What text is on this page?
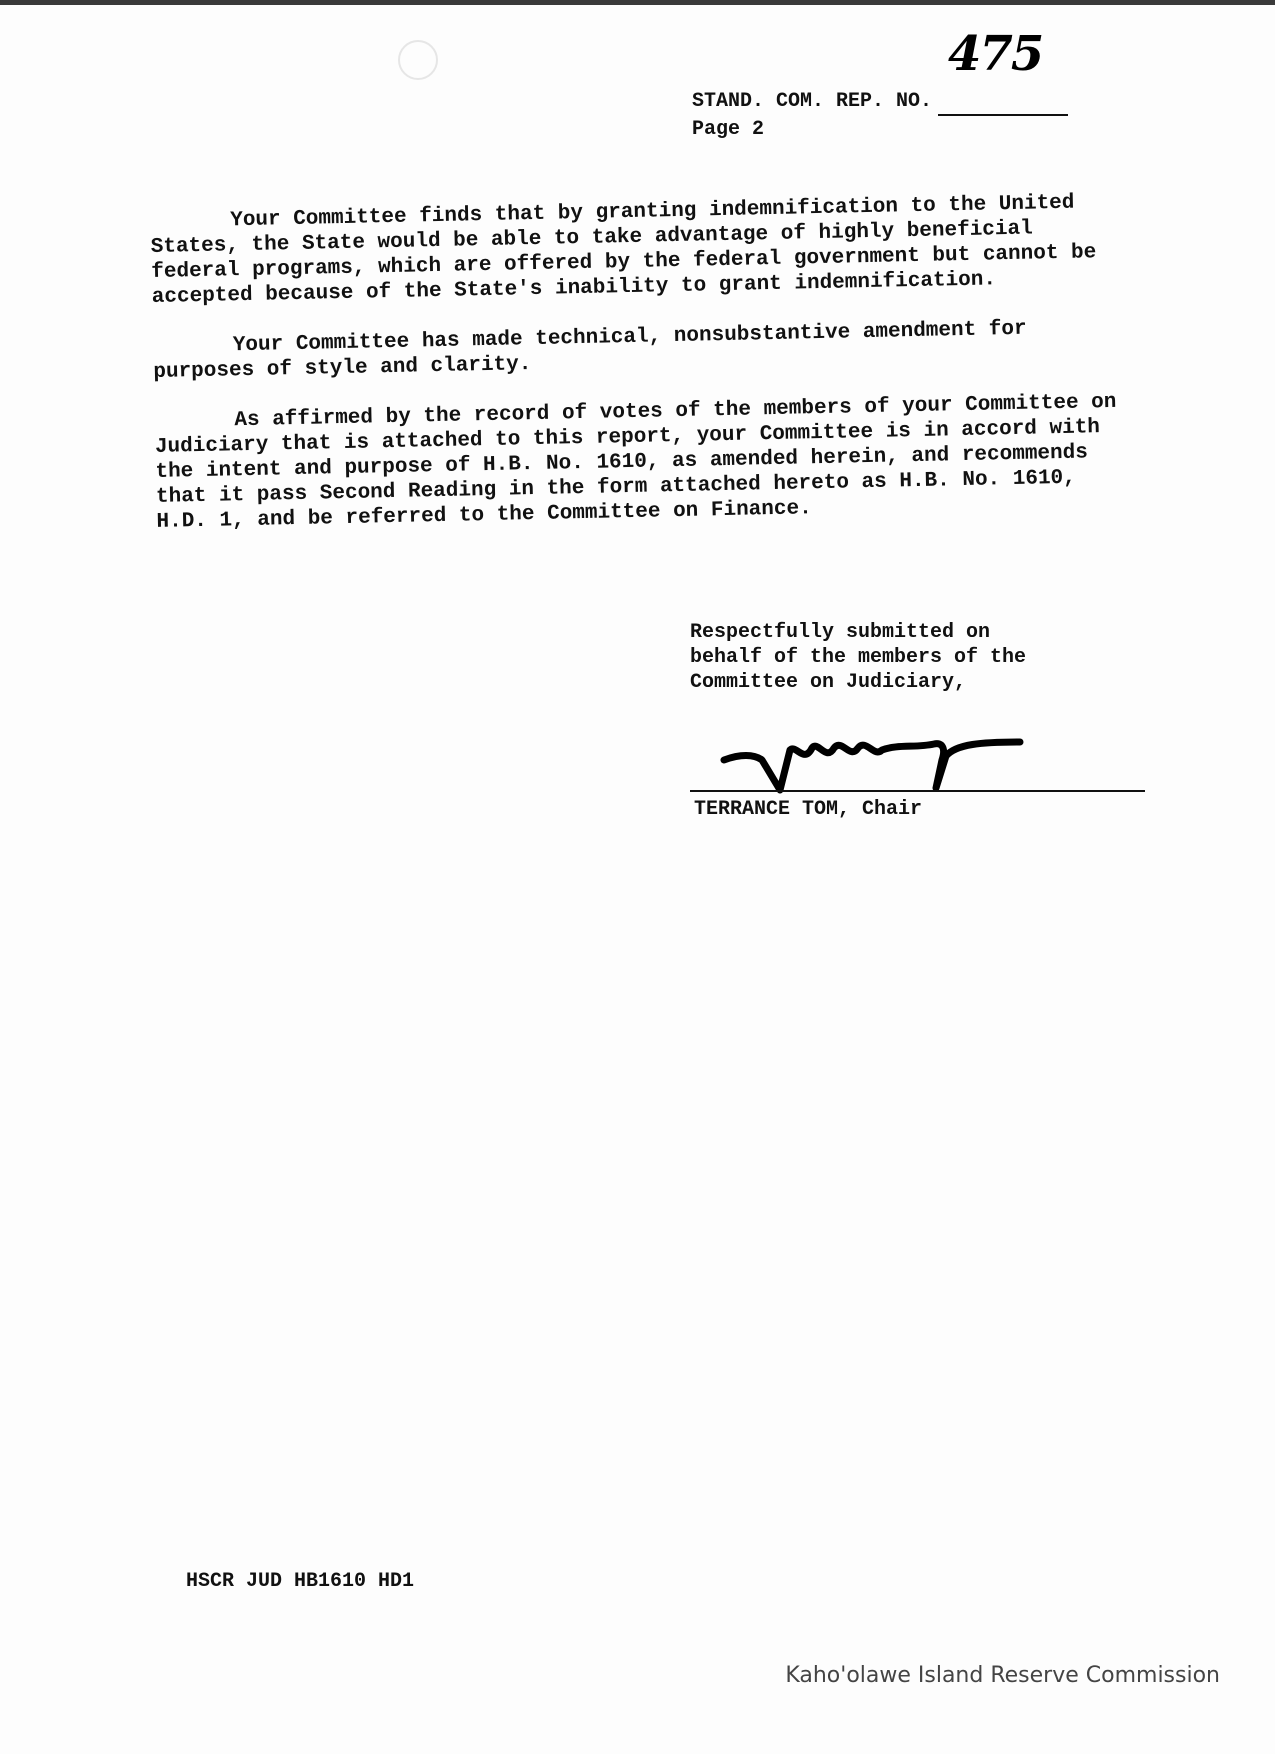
STAND. COM. REP. NO.
475
Page 2

Your Committee finds that by granting indemnification to the United States, the State would be able to take advantage of highly beneficial federal programs, which are offered by the federal government but cannot be accepted because of the State's inability to grant indemnification.

Your Committee has made technical, nonsubstantive amendment for purposes of style and clarity.

As affirmed by the record of votes of the members of your Committee on Judiciary that is attached to this report, your Committee is in accord with the intent and purpose of H.B. No. 1610, as amended herein, and recommends that it pass Second Reading in the form attached hereto as H.B. No. 1610, H.D. 1, and be referred to the Committee on Finance.

Respectfully submitted on
behalf of the members of the
Committee on Judiciary,
TERRANCE TOM, Chair
HSCR JUD HB1610 HD1
Kaho'olawe Island Reserve Commission
